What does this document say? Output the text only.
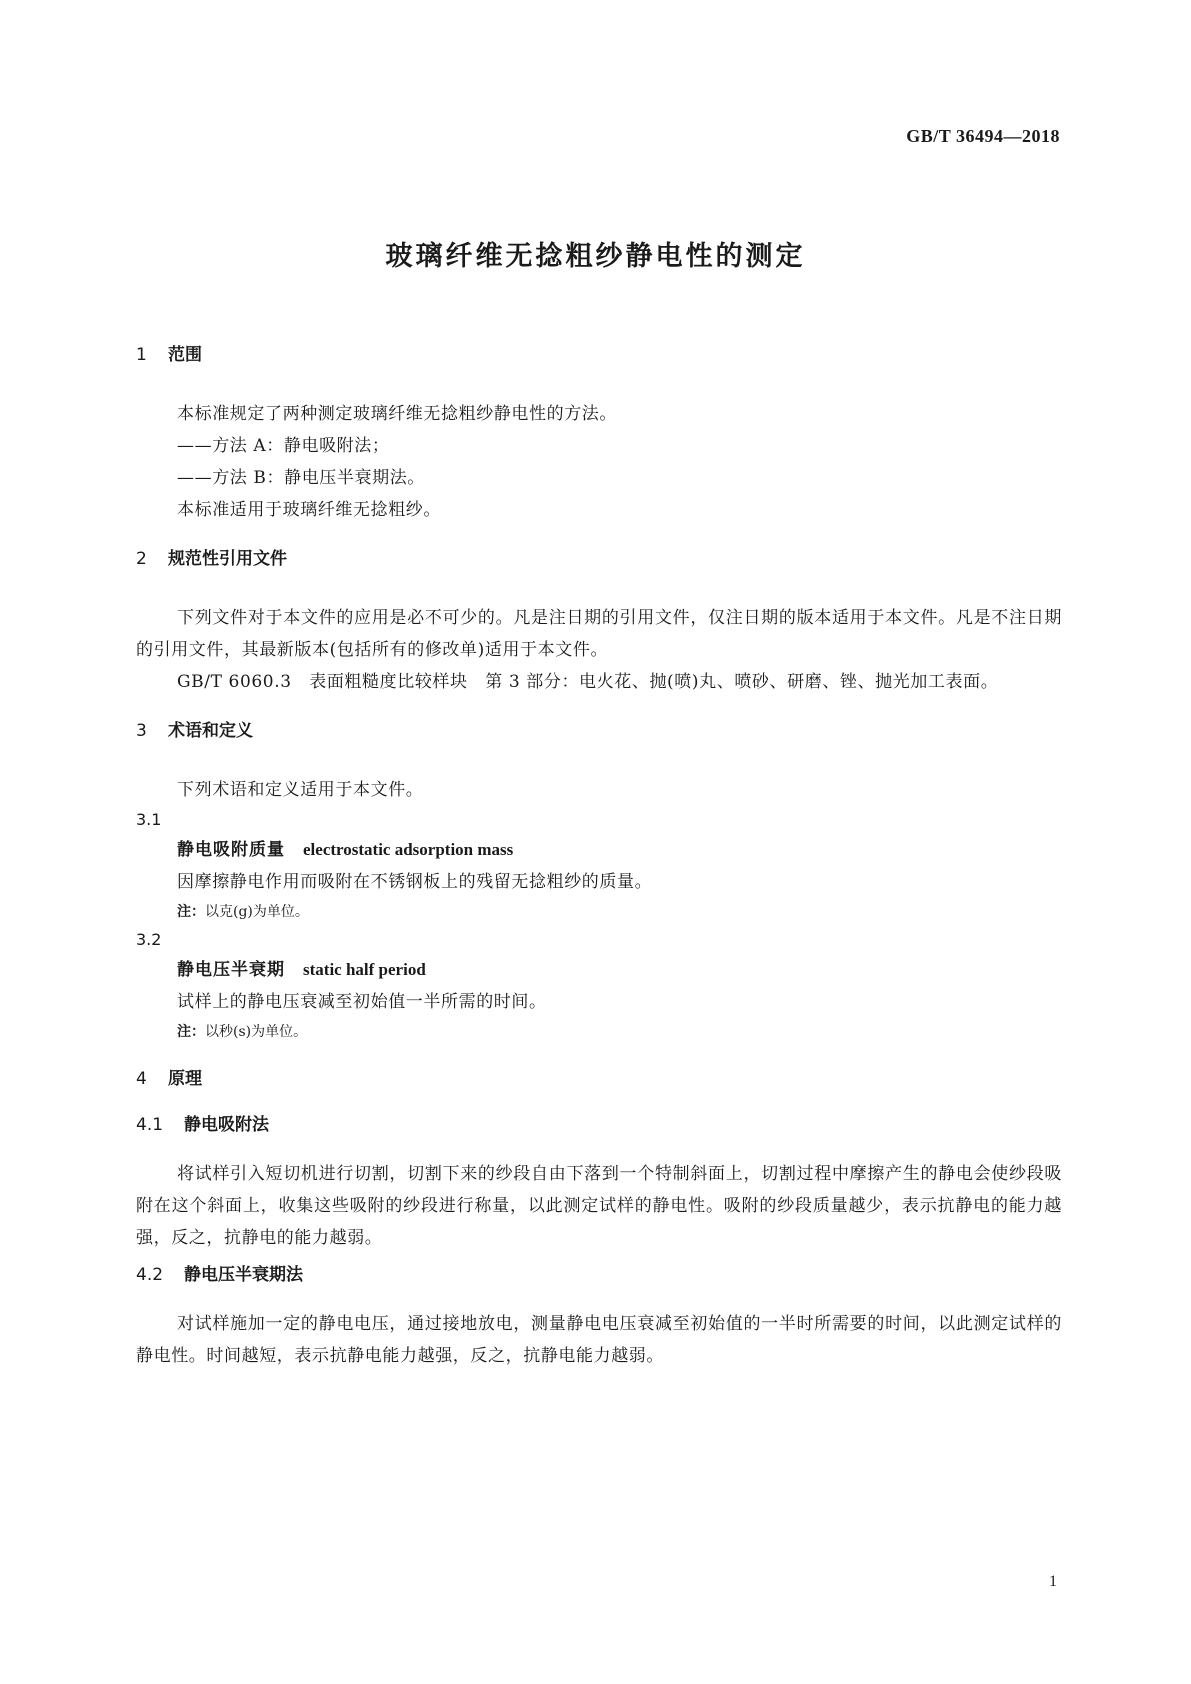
GB/T 36494—2018
玻璃纤维无捻粗纱静电性的测定
1 范围

本标准规定了两种测定玻璃纤维无捻粗纱静电性的方法。

——方法 A：静电吸附法；

——方法 B：静电压半衰期法。

本标准适用于玻璃纤维无捻粗纱。

2 规范性引用文件

下列文件对于本文件的应用是必不可少的。凡是注日期的引用文件，仅注日期的版本适用于本文件。凡是不注日期的引用文件，其最新版本(包括所有的修改单)适用于本文件。

GB/T 6060.3　表面粗糙度比较样块　第 3 部分：电火花、抛(喷)丸、喷砂、研磨、锉、抛光加工表面。

3 术语和定义

下列术语和定义适用于本文件。

3.1
静电吸附质量 electrostatic adsorption mass

因摩擦静电作用而吸附在不锈钢板上的残留无捻粗纱的质量。

注：以克(g)为单位。
3.2
静电压半衰期 static half period

试样上的静电压衰减至初始值一半所需的时间。

注：以秒(s)为单位。
4 原理
4.1 静电吸附法

将试样引入短切机进行切割，切割下来的纱段自由下落到一个特制斜面上，切割过程中摩擦产生的静电会使纱段吸附在这个斜面上，收集这些吸附的纱段进行称量，以此测定试样的静电性。吸附的纱段质量越少，表示抗静电的能力越强，反之，抗静电的能力越弱。

4.2 静电压半衰期法

对试样施加一定的静电电压，通过接地放电，测量静电电压衰减至初始值的一半时所需要的时间，以此测定试样的静电性。时间越短，表示抗静电能力越强，反之，抗静电能力越弱。

1
